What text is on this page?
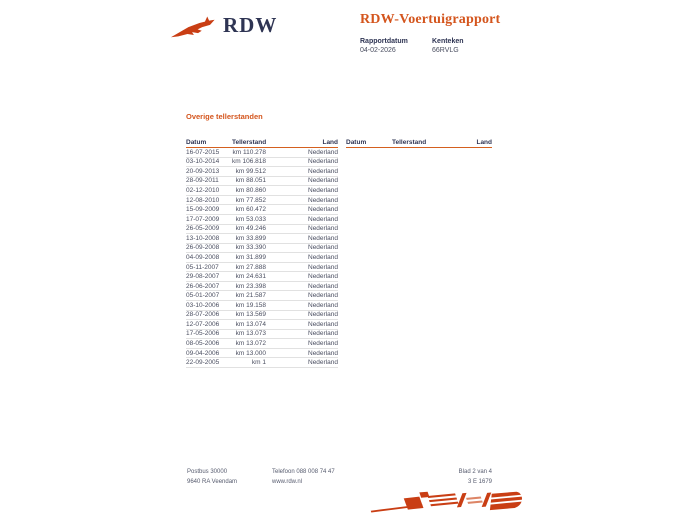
RDW	RDW-Voertuigrapport
Rapportdatum
04-02-2026
Kenteken
66RVLG
Overige tellerstanden
Datum	Tellerstand	Land
16-07-2015	110.278 km	Nederland
03-10-2014	106.818 km	Nederland
20-09-2013	99.512 km	Nederland
28-09-2011	88.051 km	Nederland
02-12-2010	80.860 km	Nederland
12-08-2010	77.852 km	Nederland
15-09-2009	60.472 km	Nederland
17-07-2009	53.033 km	Nederland
26-05-2009	49.246 km	Nederland
13-10-2008	33.899 km	Nederland
26-09-2008	33.390 km	Nederland
04-09-2008	31.899 km	Nederland
05-11-2007	27.888 km	Nederland
29-08-2007	24.631 km	Nederland
26-06-2007	23.398 km	Nederland
05-01-2007	21.587 km	Nederland
03-10-2006	19.158 km	Nederland
28-07-2006	13.569 km	Nederland
12-07-2006	13.074 km	Nederland
17-05-2006	13.073 km	Nederland
08-05-2006	13.072 km	Nederland
09-04-2006	13.000 km	Nederland
22-09-2005	1 km	Nederland
Datum	Tellerstand	Land
Postbus 30000
9640 RA Veendam
Telefoon 088 008 74 47
www.rdw.nl
Blad 2 van 4
3 E 1679
